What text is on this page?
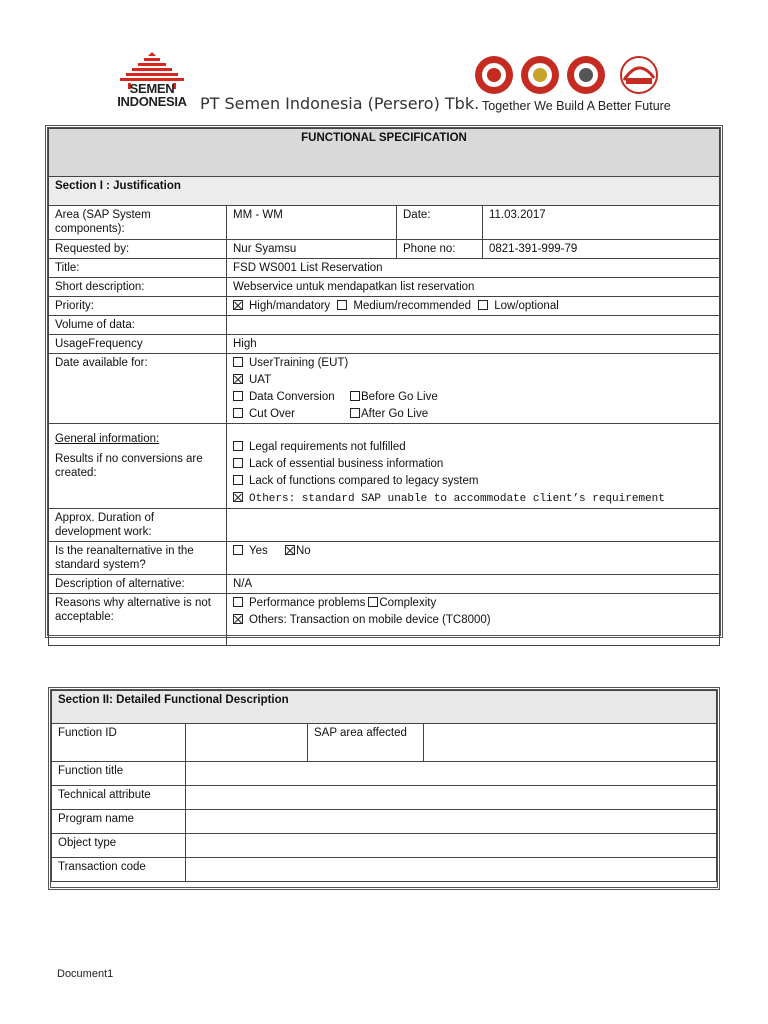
SEMEN
INDONESIA PT Semen Indonesia (Persero) Tbk. Together We Build A Better Future
FUNCTIONAL SPECIFICATION			
Section I : Justification			
Area (SAP System components):	MM - WM	Date:	11.03.2017
Requested by:	Nur Syamsu	Phone no:	0821-391-999-79
Title:	FSD WS001 List Reservation		
Short description:	Webservice untuk mendapatkan list reservation		
Priority:	High/mandatory Medium/recommended Low/optional		
Volume of data:			
UsageFrequency	High		
Date available for:	UserTraining (EUT)
UAT
Data Conversion Before Go Live
Cut Over After Go Live		

General information:
Results if no conversions are created:	Legal requirements not fulfilled
Lack of essential business information
Lack of functions compared to legacy system
Others: standard SAP unable to accommodate client’s requirement		

Approx. Duration of development work:			
Is the reanalternative in the standard system?	Yes No		
Description of alternative:	N/A		
Reasons why alternative is not acceptable:	Performance problems Complexity
Others: Transaction on mobile device (TC8000)		
Section II: Detailed Functional Description			
Function ID		SAP area affected	
Function title			
Technical attribute			
Program name			
Object type			
Transaction code			
Document1
